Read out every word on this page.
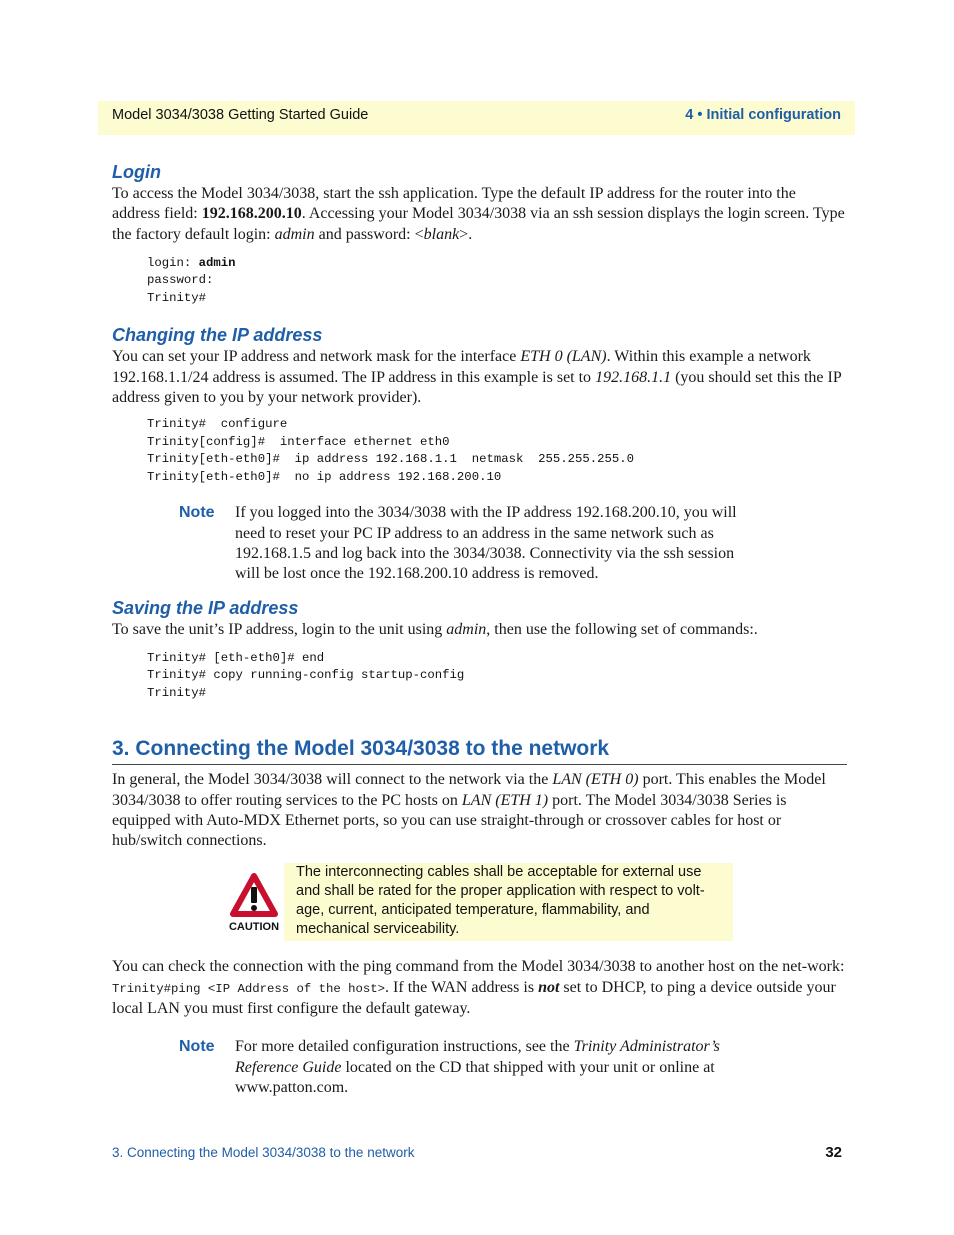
Model 3034/3038 Getting Started Guide	4 • Initial configuration
Login

To access the Model 3034/3038, start the ssh application. Type the default IP address for the router into the address field: 192.168.200.10. Accessing your Model 3034/3038 via an ssh session displays the login screen. Type the factory default login: admin and password: <blank>.

login: admin
password:
Trinity#
Changing the IP address

You can set your IP address and network mask for the interface ETH 0 (LAN). Within this example a network 192.168.1.1/24 address is assumed. The IP address in this example is set to 192.168.1.1 (you should set this the IP address given to you by your network provider).

Trinity#  configure
Trinity[config]#  interface ethernet eth0
Trinity[eth-eth0]#  ip address 192.168.1.1  netmask  255.255.255.0
Trinity[eth-eth0]#  no ip address 192.168.200.10
Note If you logged into the 3034/3038 with the IP address 192.168.200.10, you will need to reset your PC IP address to an address in the same network such as 192.168.1.5 and log back into the 3034/3038. Connectivity via the ssh session will be lost once the 192.168.200.10 address is removed.
Saving the IP address

To save the unit’s IP address, login to the unit using admin, then use the following set of commands:.

Trinity# [eth-eth0]# end
Trinity# copy running-config startup-config
Trinity#
3. Connecting the Model 3034/3038 to the network

In general, the Model 3034/3038 will connect to the network via the LAN (ETH 0) port. This enables the Model 3034/3038 to offer routing services to the PC hosts on LAN (ETH 1) port. The Model 3034/3038 Series is equipped with Auto-MDX Ethernet ports, so you can use straight-through or crossover cables for host or hub/switch connections.

CAUTION
The interconnecting cables shall be acceptable for external use and shall be rated for the proper application with respect to volt-age, current, anticipated temperature, flammability, and mechanical serviceability.

You can check the connection with the ping command from the Model 3034/3038 to another host on the net-work: Trinity#ping <IP Address of the host>. If the WAN address is not set to DHCP, to ping a device outside your local LAN you must first configure the default gateway.

Note For more detailed configuration instructions, see the Trinity Administrator’s Reference Guide located on the CD that shipped with your unit or online at www.patton.com.
3. Connecting the Model 3034/3038 to the network	32
